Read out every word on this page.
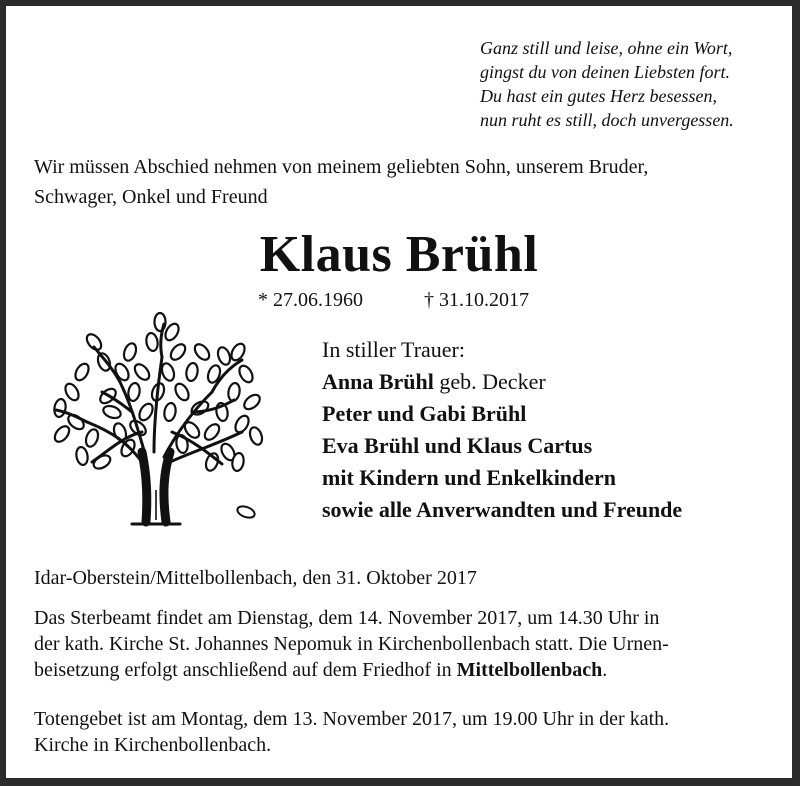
Ganz still und leise, ohne ein Wort,
gingst du von deinen Liebsten fort.
Du hast ein gutes Herz besessen,
nun ruht es still, doch unvergessen.
Wir müssen Abschied nehmen von meinem geliebten Sohn, unserem Bruder,
Schwager, Onkel und Freund
Klaus Brühl
* 27.06.1960	† 31.10.2017
In stiller Trauer:
Anna Brühl geb. Decker
Peter und Gabi Brühl
Eva Brühl und Klaus Cartus
mit Kindern und Enkelkindern
sowie alle Anverwandten und Freunde
Idar-Oberstein/Mittelbollenbach, den 31. Oktober 2017
Das Sterbeamt findet am Dienstag, dem 14. November 2017, um 14.30 Uhr in
der kath. Kirche St. Johannes Nepomuk in Kirchenbollenbach statt. Die Urnen-
beisetzung erfolgt anschließend auf dem Friedhof in Mittelbollenbach.
Totengebet ist am Montag, dem 13. November 2017, um 19.00 Uhr in der kath.
Kirche in Kirchenbollenbach.
